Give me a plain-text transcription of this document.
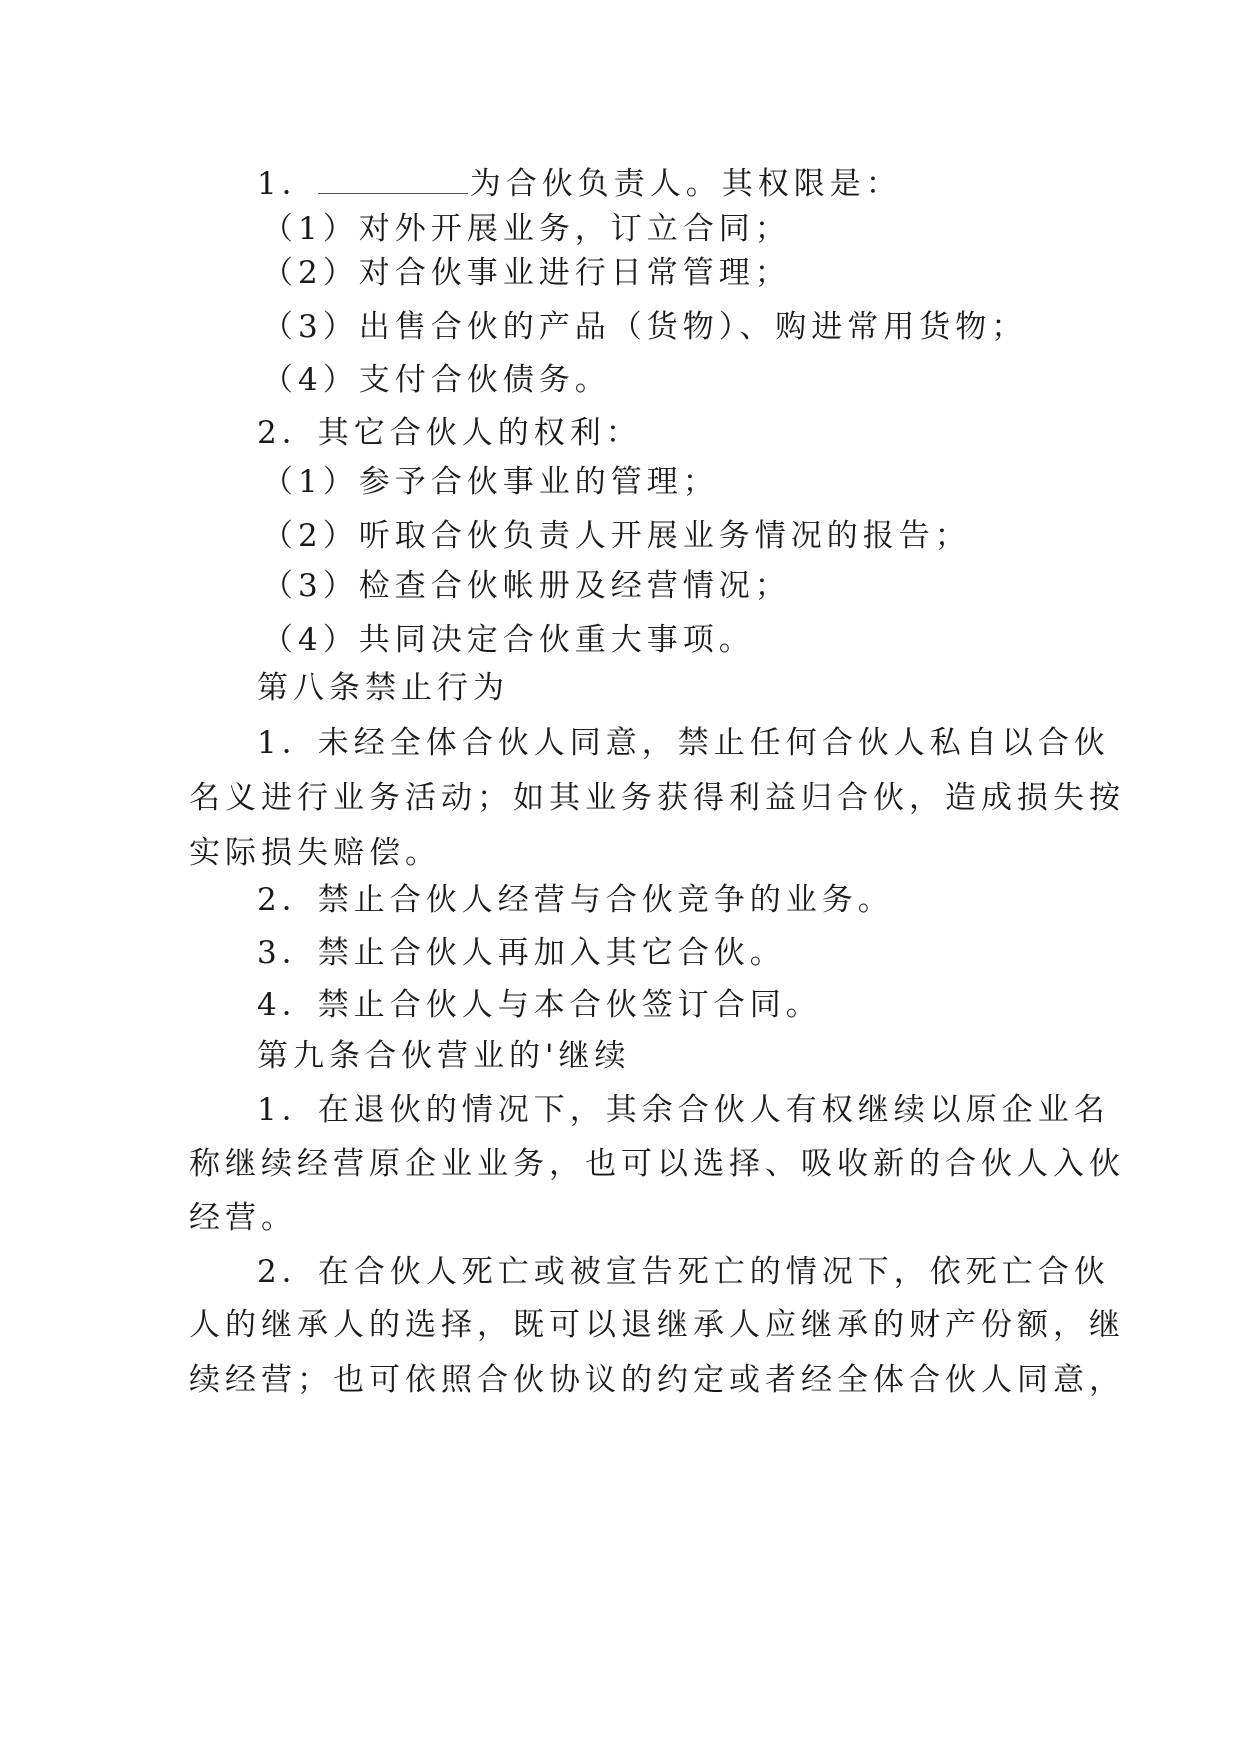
1．	为合伙负责人。其权限是：
（1）对外开展业务，订立合同；
（2）对合伙事业进行日常管理；
（3）出售合伙的产品（货物）、购进常用货物；
（4）支付合伙债务。
2．其它合伙人的权利：
（1）参予合伙事业的管理；
（2）听取合伙负责人开展业务情况的报告；
（3）检查合伙帐册及经营情况；
（4）共同决定合伙重大事项。
第八条禁止行为
1．未经全体合伙人同意，禁止任何合伙人私自以合伙
名义进行业务活动；如其业务获得利益归合伙，造成损失按
实际损失赔偿。
2．禁止合伙人经营与合伙竞争的业务。
3．禁止合伙人再加入其它合伙。
4．禁止合伙人与本合伙签订合同。
第九条合伙营业的'继续
1．在退伙的情况下，其余合伙人有权继续以原企业名
称继续经营原企业业务，也可以选择、吸收新的合伙人入伙
经营。
2．在合伙人死亡或被宣告死亡的情况下，依死亡合伙
人的继承人的选择，既可以退继承人应继承的财产份额，继
续经营；也可依照合伙协议的约定或者经全体合伙人同意，
